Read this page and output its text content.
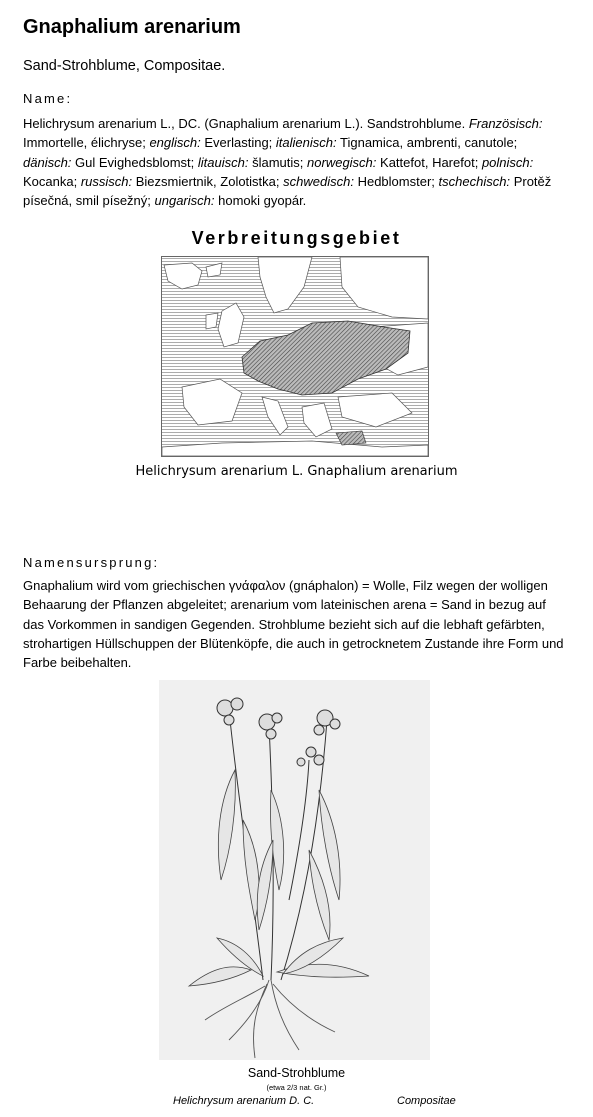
Gnaphalium arenarium
Sand-Strohblume, Compositae.
Name:
Helichrysum arenarium L., DC. (Gnaphalium arenarium L.). Sandstrohblume. Französisch: Immortelle, élichryse; englisch: Everlasting; italienisch: Tignamica, ambrenti, canutole; dänisch: Gul Evighedsblomst; litauisch: šlamutis; norwegisch: Kattefot, Harefot; polnisch: Kocanka; russisch: Biezsmiertnik, Zolotistka; schwedisch: Hedblomster; tschechisch: Protěž písečná, smil písežný; ungarisch: homoki gyopár.
Verbreitungsgebiet
Helichrysum arenarium L. Gnaphalium arenarium
Namensursprung:
Gnaphalium wird vom griechischen γνάφαλον (gnáphalon) = Wolle, Filz wegen der wolligen Behaarung der Pflanzen abgeleitet; arenarium vom lateinischen arena = Sand in bezug auf das Vorkommen in sandigen Gegenden. Strohblume bezieht sich auf die lebhaft gefärbten, strohartigen Hüllschuppen der Blütenköpfe, die auch in getrocknetem Zustande ihre Form und Farbe beibehalten.
Sand-Strohblume
(etwa 2/3 nat. Gr.)
Helichrysum arenarium D. C.	Compositae
